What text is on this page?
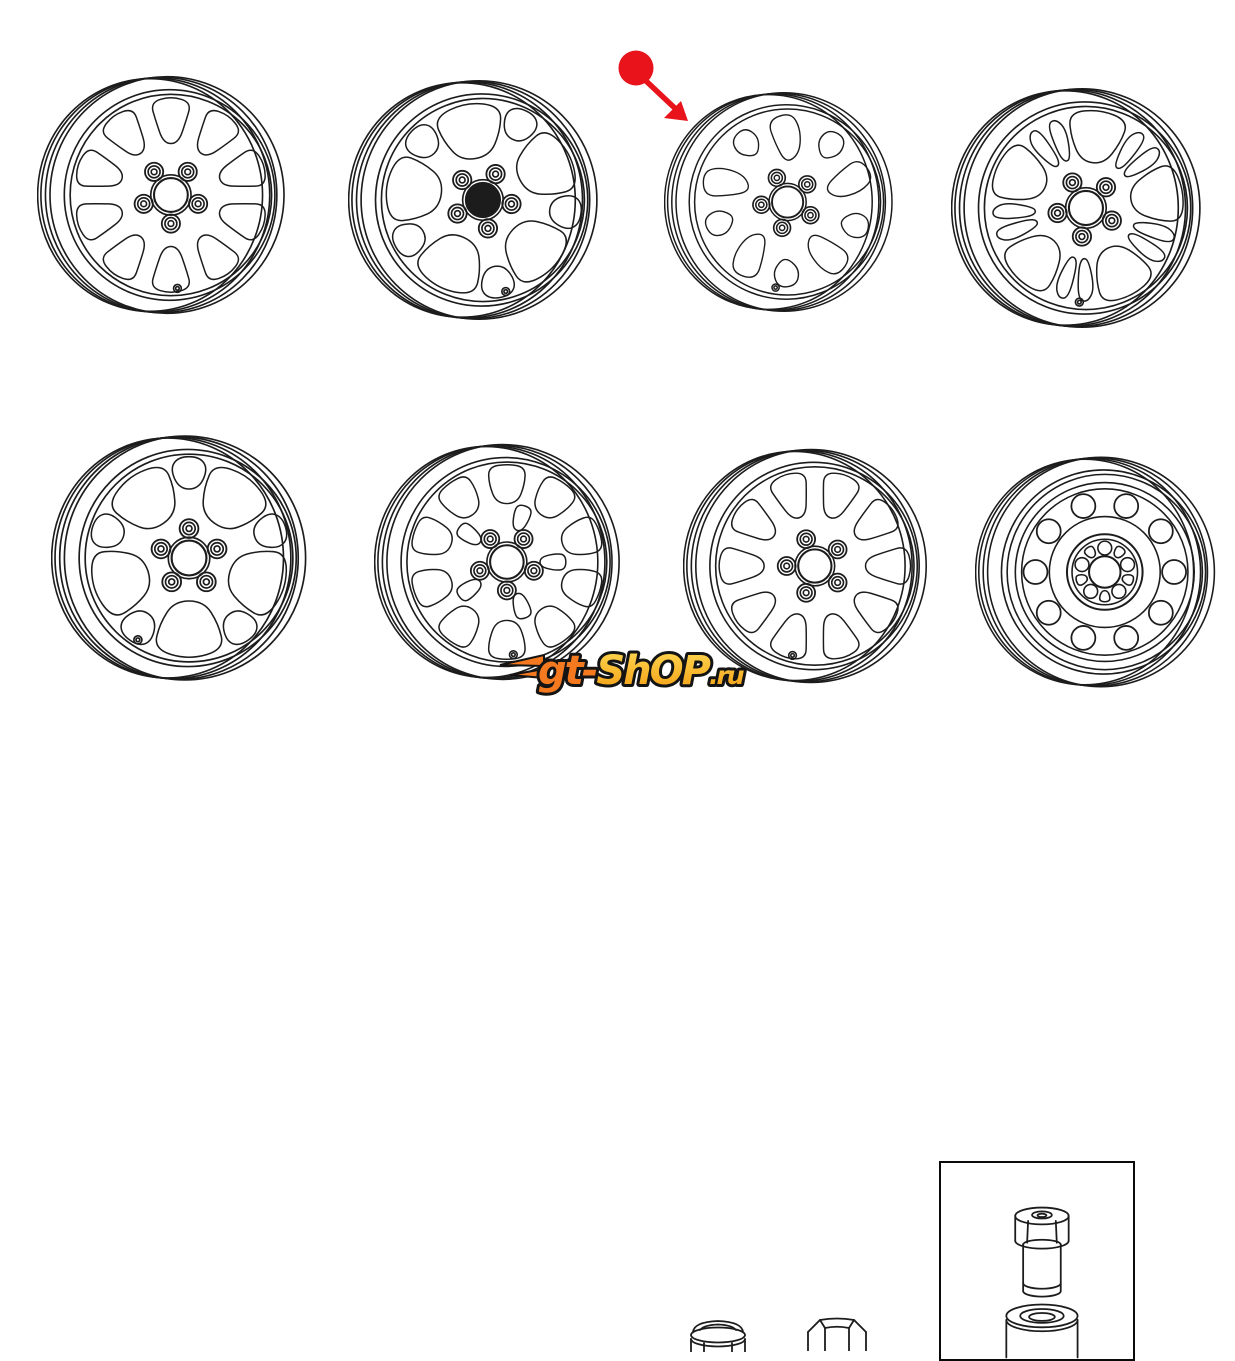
gt-ShOP.ru
